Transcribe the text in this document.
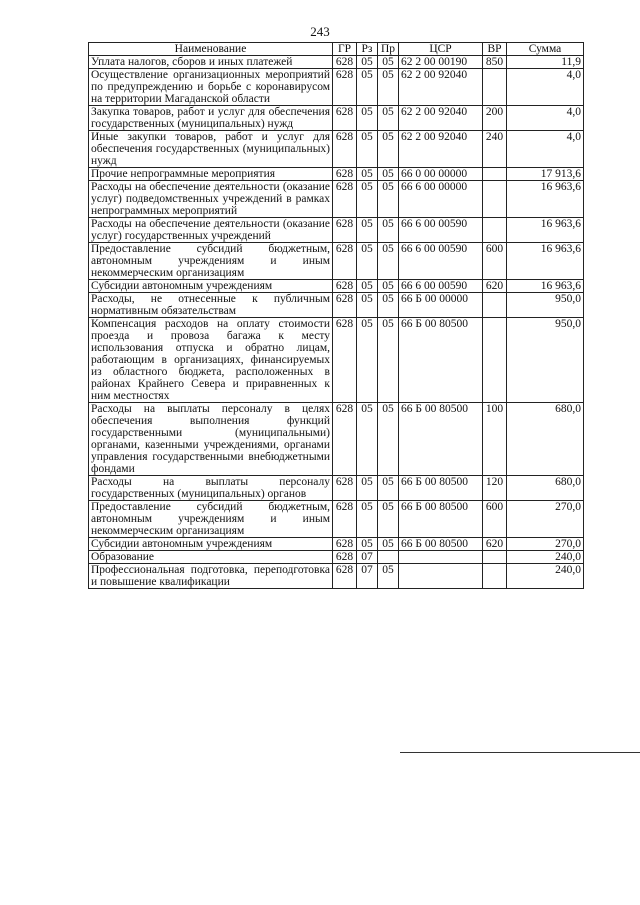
243
Наименование	ГР	Рз	Пр	ЦСР	ВР	Сумма
Уплата налогов, сборов и иных платежей	628	05	05	62 2 00 00190	850	11,9
Осуществление организационных мероприятий по предупреждению и борьбе с коронавирусом на территории Магаданской области	628	05	05	62 2 00 92040		4,0
Закупка товаров, работ и услуг для обеспечения государственных (муниципальных) нужд	628	05	05	62 2 00 92040	200	4,0
Иные закупки товаров, работ и услуг для обеспечения государственных (муниципальных) нужд	628	05	05	62 2 00 92040	240	4,0
Прочие непрограммные мероприятия	628	05	05	66 0 00 00000		17 913,6
Расходы на обеспечение деятельности (оказание услуг) подведомственных учреждений в рамках непрограммных мероприятий	628	05	05	66 6 00 00000		16 963,6
Расходы на обеспечение деятельности (оказание услуг) государственных учреждений	628	05	05	66 6 00 00590		16 963,6
Предоставление субсидий бюджетным, автономным учреждениям и иным некоммерческим организациям	628	05	05	66 6 00 00590	600	16 963,6
Субсидии автономным учреждениям	628	05	05	66 6 00 00590	620	16 963,6
Расходы, не отнесенные к публичным нормативным обязательствам	628	05	05	66 Б 00 00000		950,0
Компенсация расходов на оплату стоимости проезда и провоза багажа к месту использования отпуска и обратно лицам, работающим в организациях, финансируемых из областного бюджета, расположенных в районах Крайнего Севера и приравненных к ним местностях	628	05	05	66 Б 00 80500		950,0
Расходы на выплаты персоналу в целях обеспечения выполнения функций государственными (муниципальными) органами, казенными учреждениями, органами управления государственными внебюджетными фондами	628	05	05	66 Б 00 80500	100	680,0
Расходы на выплаты персоналу государственных (муниципальных) органов	628	05	05	66 Б 00 80500	120	680,0
Предоставление субсидий бюджетным, автономным учреждениям и иным некоммерческим организациям	628	05	05	66 Б 00 80500	600	270,0
Субсидии автономным учреждениям	628	05	05	66 Б 00 80500	620	270,0
Образование	628	07				240,0
Профессиональная подготовка, переподготовка и повышение квалификации	628	07	05			240,0
